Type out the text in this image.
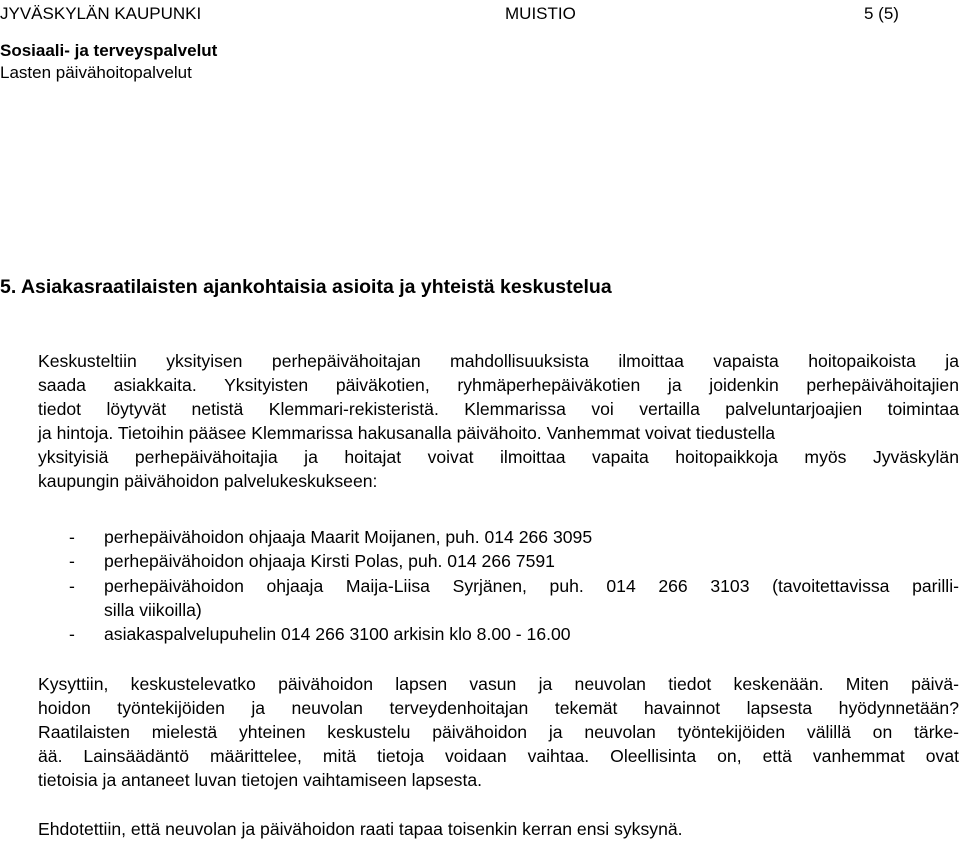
JYVÄSKYLÄN KAUPUNKI	MUISTIO	5 (5)
Sosiaali- ja terveyspalvelut
Lasten päivähoitopalvelut
5. Asiakasraatilaisten ajankohtaisia asioita ja yhteistä keskustelua
Keskusteltiin yksityisen perhepäivähoitajan mahdollisuuksista ilmoittaa vapaista hoitopaikoista ja
saada asiakkaita. Yksityisten päiväkotien, ryhmäperhepäiväkotien ja joidenkin perhepäivähoitajien
tiedot löytyvät netistä Klemmari-rekisteristä. Klemmarissa voi vertailla palveluntarjoajien toimintaa
ja hintoja. Tietoihin pääsee Klemmarissa hakusanalla päivähoito. Vanhemmat voivat tiedustella
yksityisiä perhepäivähoitajia ja hoitajat voivat ilmoittaa vapaita hoitopaikkoja myös Jyväskylän
kaupungin päivähoidon palvelukeskukseen:
- perhepäivähoidon ohjaaja Maarit Moijanen, puh. 014 266 3095
- perhepäivähoidon ohjaaja Kirsti Polas, puh. 014 266 7591
- perhepäivähoidon ohjaaja Maija-Liisa Syrjänen, puh. 014 266 3103 (tavoitettavissa parilli-
silla viikoilla)
- asiakaspalvelupuhelin 014 266 3100 arkisin klo 8.00 - 16.00
Kysyttiin, keskustelevatko päivähoidon lapsen vasun ja neuvolan tiedot keskenään. Miten päivä-
hoidon työntekijöiden ja neuvolan terveydenhoitajan tekemät havainnot lapsesta hyödynnetään?
Raatilaisten mielestä yhteinen keskustelu päivähoidon ja neuvolan työntekijöiden välillä on tärke-
ää. Lainsäädäntö määrittelee, mitä tietoja voidaan vaihtaa. Oleellisinta on, että vanhemmat ovat
tietoisia ja antaneet luvan tietojen vaihtamiseen lapsesta.
Ehdotettiin, että neuvolan ja päivähoidon raati tapaa toisenkin kerran ensi syksynä.
